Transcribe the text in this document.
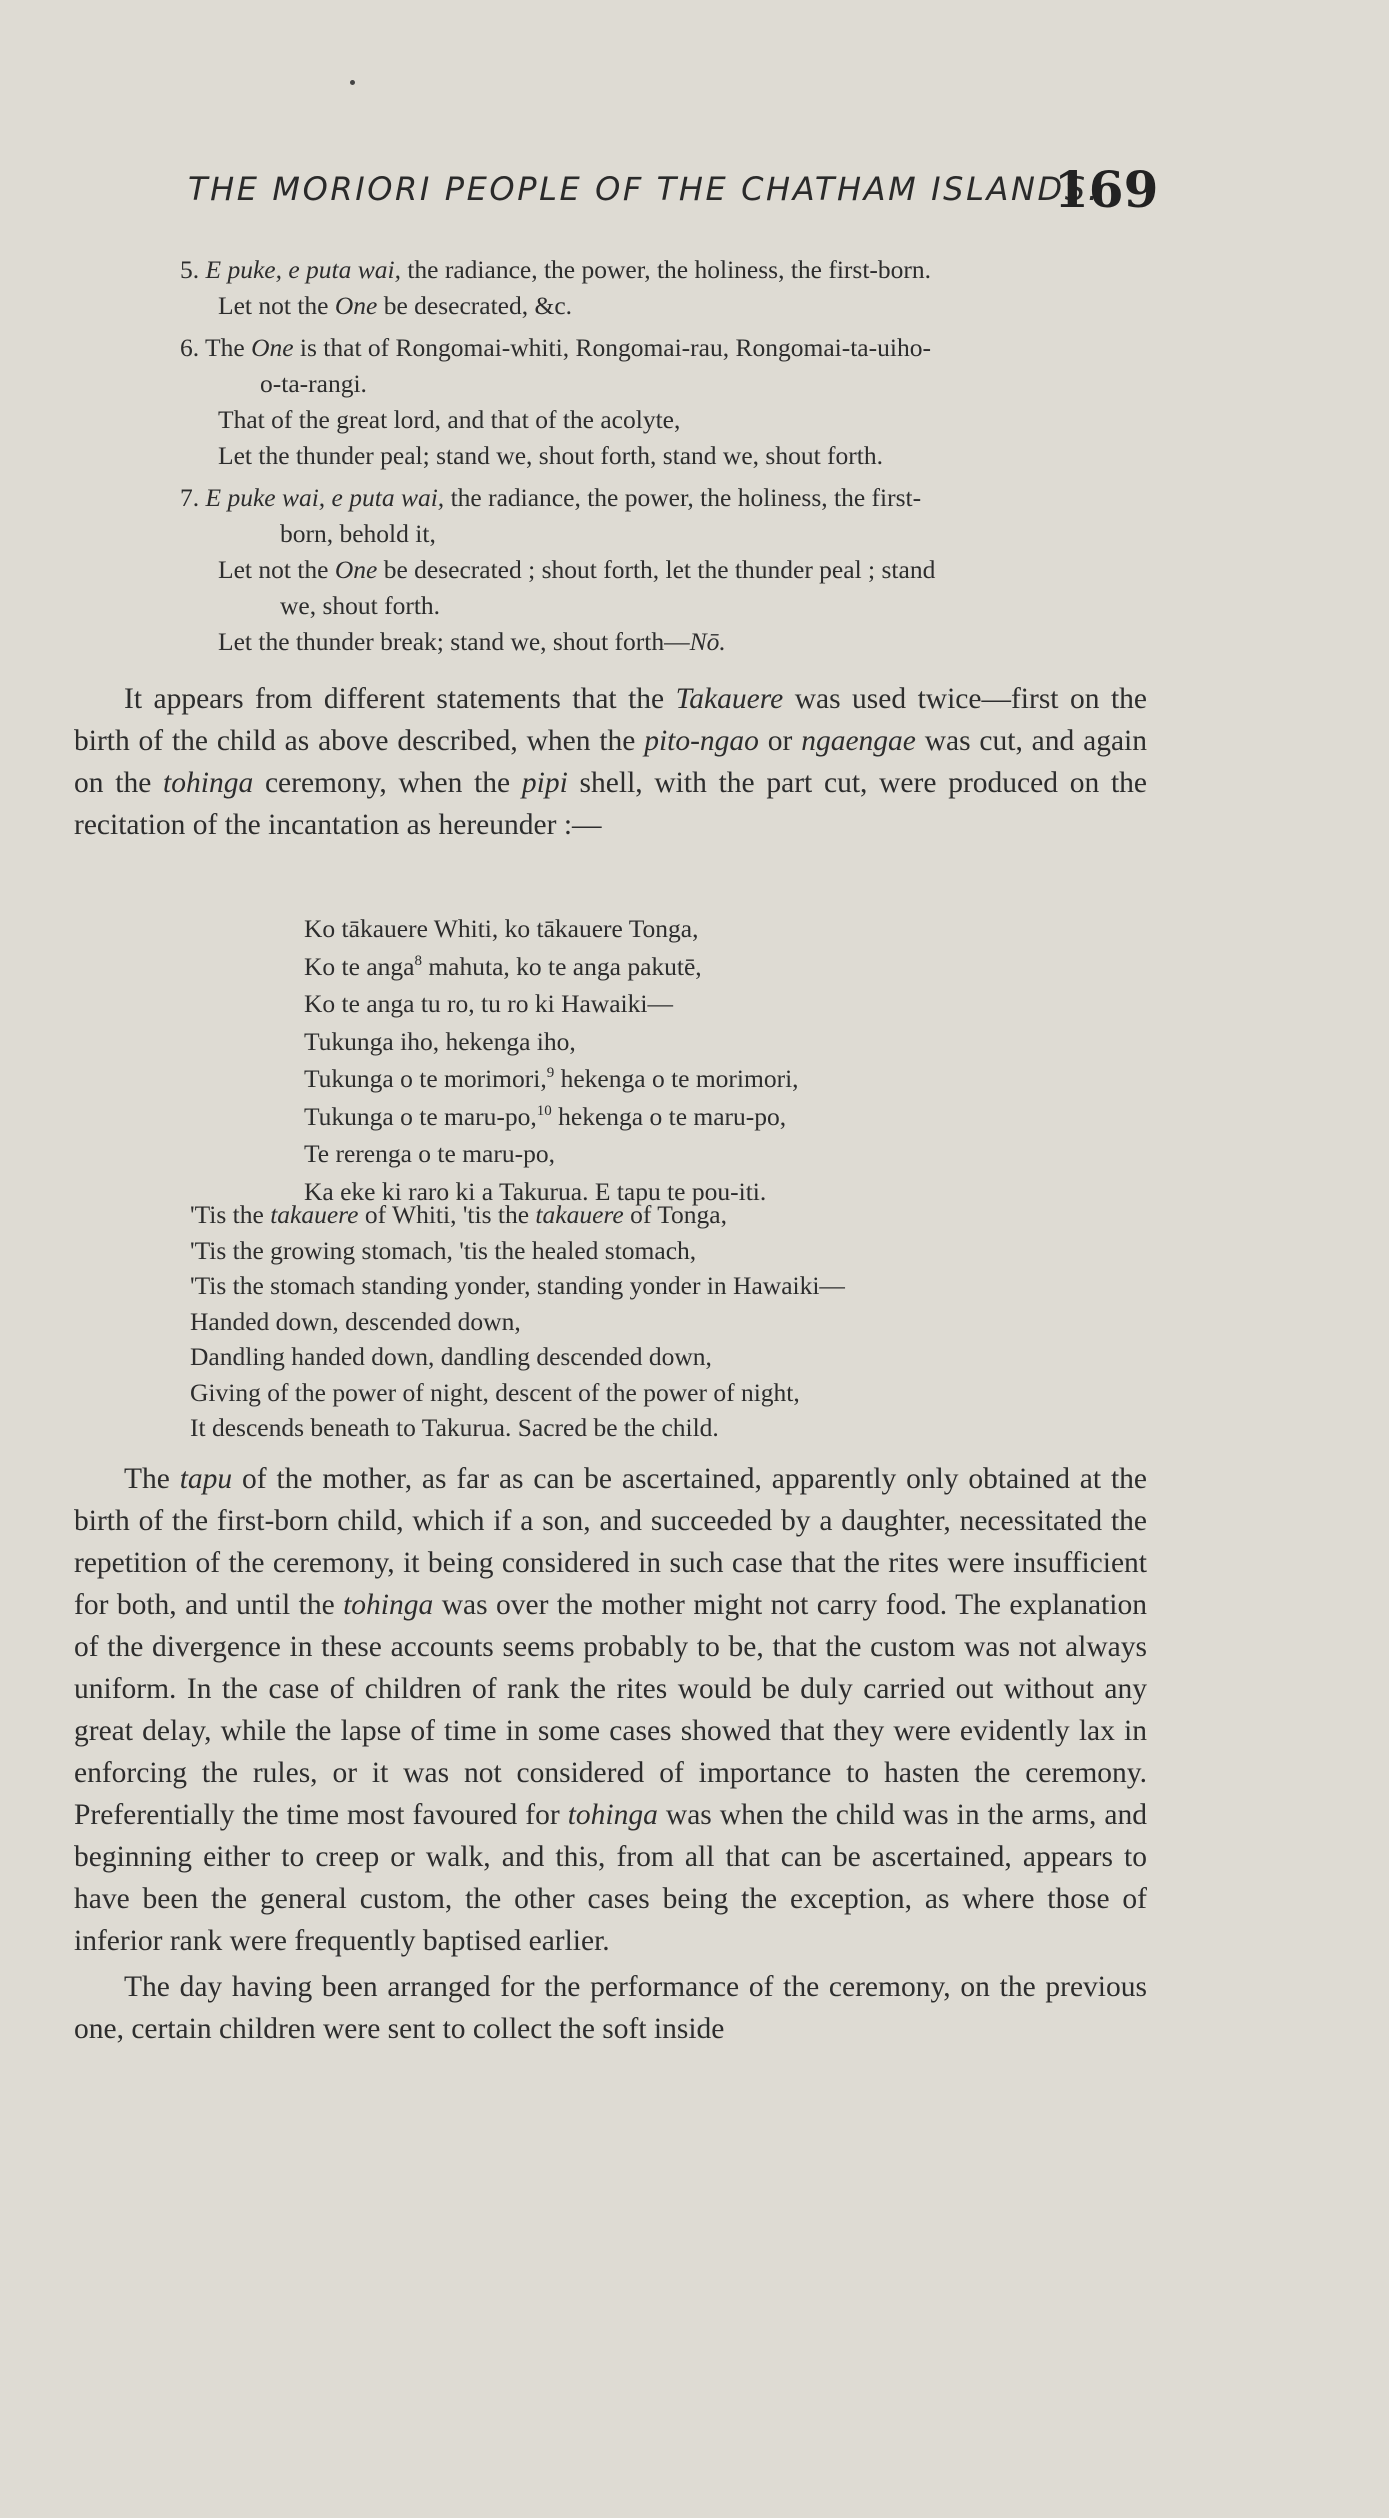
THE MORIORI PEOPLE OF THE CHATHAM ISLANDS.
169
5. E puke, e puta wai, the radiance, the power, the holiness, the first-born.
Let not the One be desecrated, &c.
6. The One is that of Rongomai-whiti, Rongomai-rau, Rongomai-ta-uiho-
o-ta-rangi.
That of the great lord, and that of the acolyte,
Let the thunder peal; stand we, shout forth, stand we, shout forth.
7. E puke wai, e puta wai, the radiance, the power, the holiness, the first-
born, behold it,
Let not the One be desecrated ; shout forth, let the thunder peal ; stand
we, shout forth.
Let the thunder break; stand we, shout forth—Nō.

It appears from different statements that the Takauere was used twice—first on the birth of the child as above described, when the pito-ngao or ngaengae was cut, and again on the tohinga ceremony, when the pipi shell, with the part cut, were produced on the recitation of the incantation as hereunder :—

Ko tākauere Whiti, ko tākauere Tonga,
Ko te anga$^8$ mahuta, ko te anga pakutē,
Ko te anga tu ro, tu ro ki Hawaiki—
Tukunga iho, hekenga iho,
Tukunga o te morimori,$^9$ hekenga o te morimori,
Tukunga o te maru-po,$^{10}$ hekenga o te maru-po,
Te rerenga o te maru-po,
Ka eke ki raro ki a Takurua. E tapu te pou-iti.
'Tis the takauere of Whiti, 'tis the takauere of Tonga,
'Tis the growing stomach, 'tis the healed stomach,
'Tis the stomach standing yonder, standing yonder in Hawaiki—
Handed down, descended down,
Dandling handed down, dandling descended down,
Giving of the power of night, descent of the power of night,
It descends beneath to Takurua. Sacred be the child.

The tapu of the mother, as far as can be ascertained, apparently only obtained at the birth of the first-born child, which if a son, and succeeded by a daughter, necessitated the repetition of the ceremony, it being considered in such case that the rites were insufficient for both, and until the tohinga was over the mother might not carry food. The explanation of the divergence in these accounts seems probably to be, that the custom was not always uniform. In the case of children of rank the rites would be duly carried out without any great delay, while the lapse of time in some cases showed that they were evidently lax in enforcing the rules, or it was not considered of importance to hasten the ceremony. Preferentially the time most favoured for tohinga was when the child was in the arms, and beginning either to creep or walk, and this, from all that can be ascertained, appears to have been the general custom, the other cases being the exception, as where those of inferior rank were frequently baptised earlier.

The day having been arranged for the performance of the ceremony, on the previous one, certain children were sent to collect the soft inside
